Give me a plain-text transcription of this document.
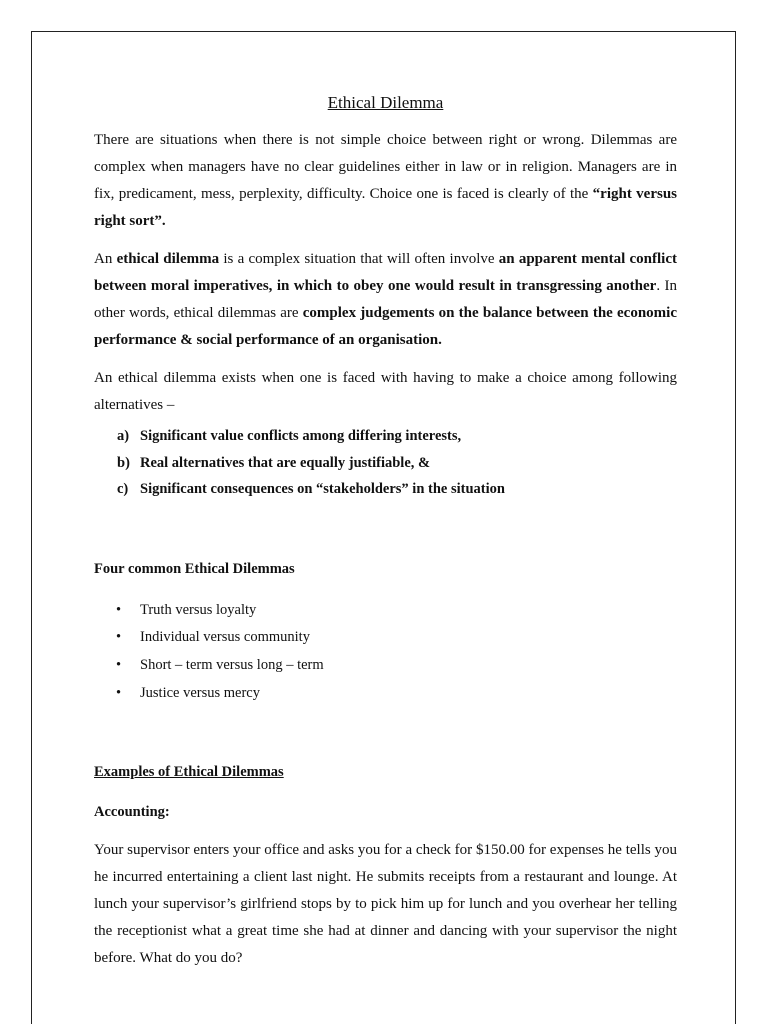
Ethical Dilemma

There are situations when there is not simple choice between right or wrong. Dilemmas are complex when managers have no clear guidelines either in law or in religion. Managers are in fix, predicament, mess, perplexity, difficulty. Choice one is faced is clearly of the “right versus right sort”.

An ethical dilemma is a complex situation that will often involve an apparent mental conflict between moral imperatives, in which to obey one would result in transgressing another. In other words, ethical dilemmas are complex judgements on the balance between the economic performance & social performance of an organisation.

An ethical dilemma exists when one is faced with having to make a choice among following alternatives –

a) Significant value conflicts among differing interests,
b) Real alternatives that are equally justifiable, &
c) Significant consequences on “stakeholders” in the situation
Four common Ethical Dilemmas
• Truth versus loyalty
• Individual versus community
• Short – term versus long – term
• Justice versus mercy
Examples of Ethical Dilemmas
Accounting:

Your supervisor enters your office and asks you for a check for $150.00 for expenses he tells you he incurred entertaining a client last night. He submits receipts from a restaurant and lounge. At lunch your supervisor’s girlfriend stops by to pick him up for lunch and you overhear her telling the receptionist what a great time she had at dinner and dancing with your supervisor the night before. What do you do?
